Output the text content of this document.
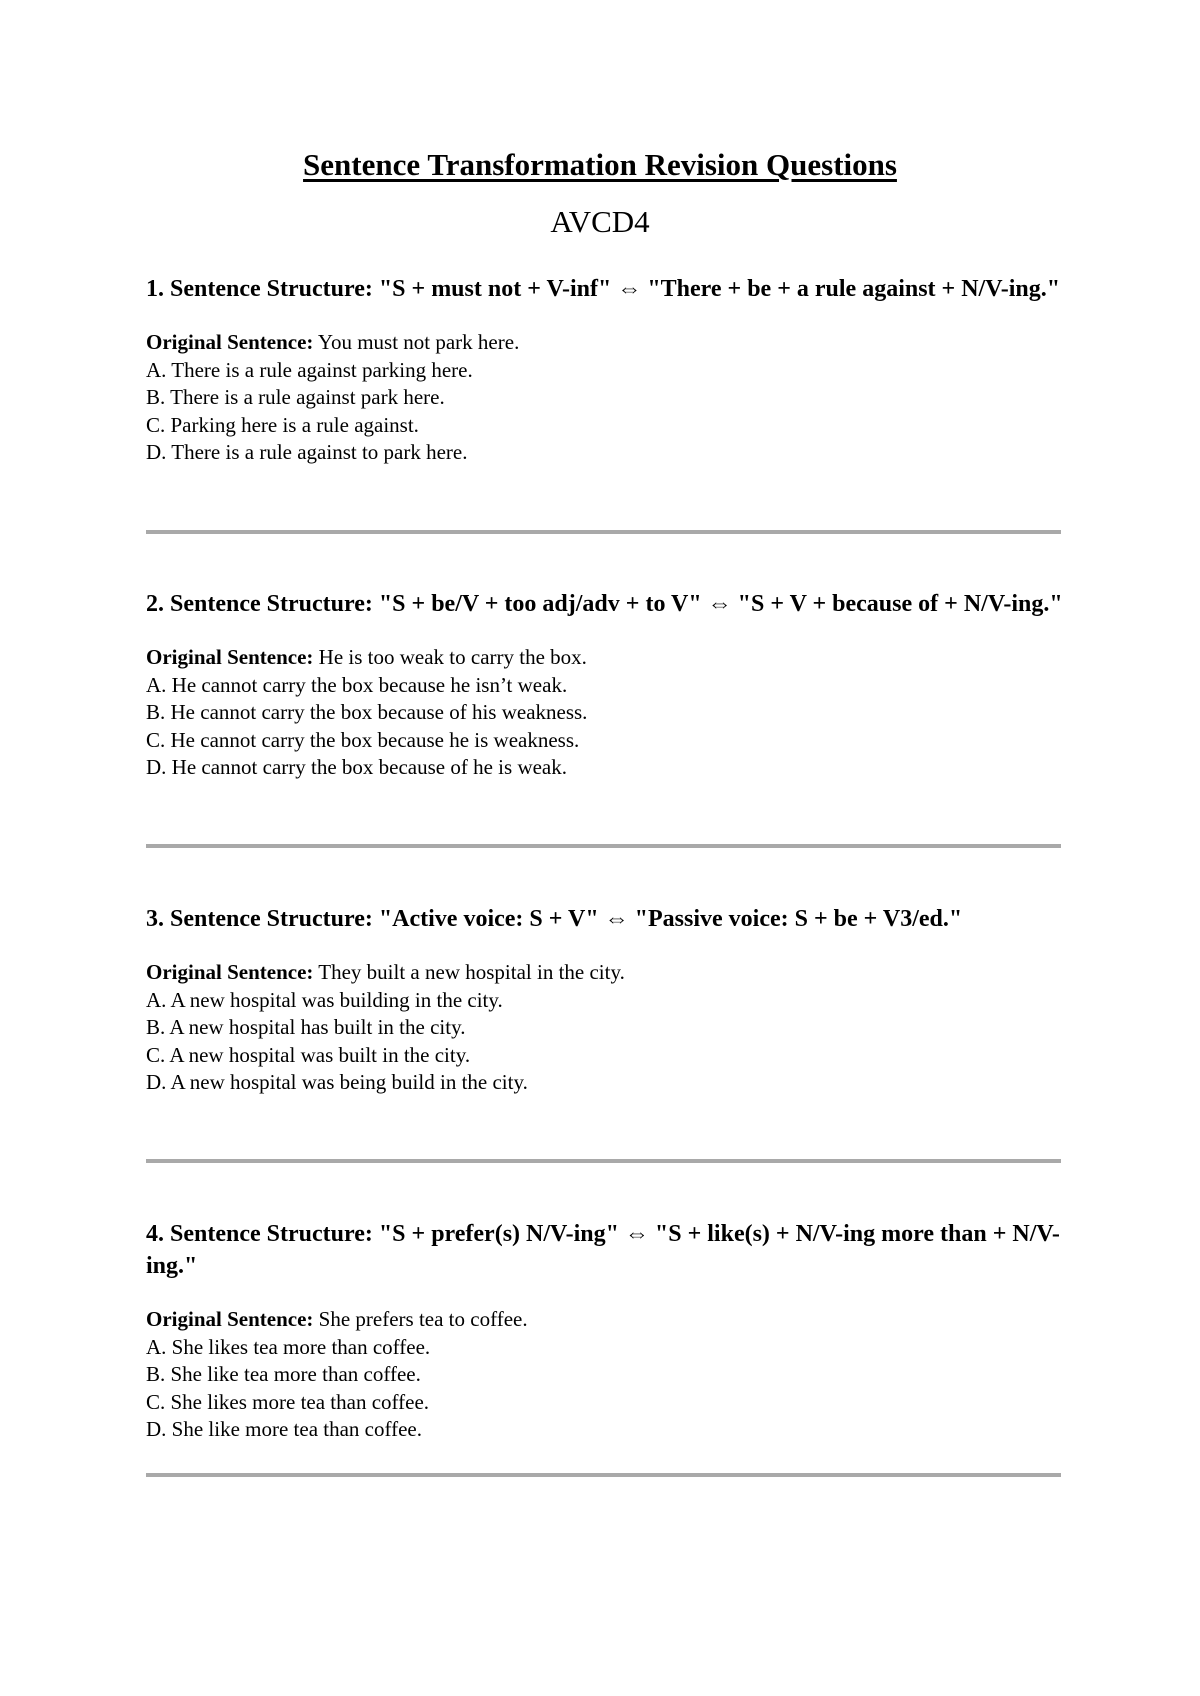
Sentence Transformation Revision Questions
AVCD4

1. Sentence Structure: "S + must not + V-inf" ⇔ "There + be + a rule against + N/V-ing."

Original Sentence: You must not park here.
A. There is a rule against parking here.
B. There is a rule against park here.
C. Parking here is a rule against.
D. There is a rule against to park here.

2. Sentence Structure: "S + be/V + too adj/adv + to V" ⇔ "S + V + because of + N/V-ing."

Original Sentence: He is too weak to carry the box.
A. He cannot carry the box because he isn’t weak.
B. He cannot carry the box because of his weakness.
C. He cannot carry the box because he is weakness.
D. He cannot carry the box because of he is weak.

3. Sentence Structure: "Active voice: S + V" ⇔ "Passive voice: S + be + V3/ed."

Original Sentence: They built a new hospital in the city.
A. A new hospital was building in the city.
B. A new hospital has built in the city.
C. A new hospital was built in the city.
D. A new hospital was being build in the city.

4. Sentence Structure: "S + prefer(s) N/V-ing" ⇔ "S + like(s) + N/V-ing more than + N/V-ing."

Original Sentence: She prefers tea to coffee.
A. She likes tea more than coffee.
B. She like tea more than coffee.
C. She likes more tea than coffee.
D. She like more tea than coffee.
